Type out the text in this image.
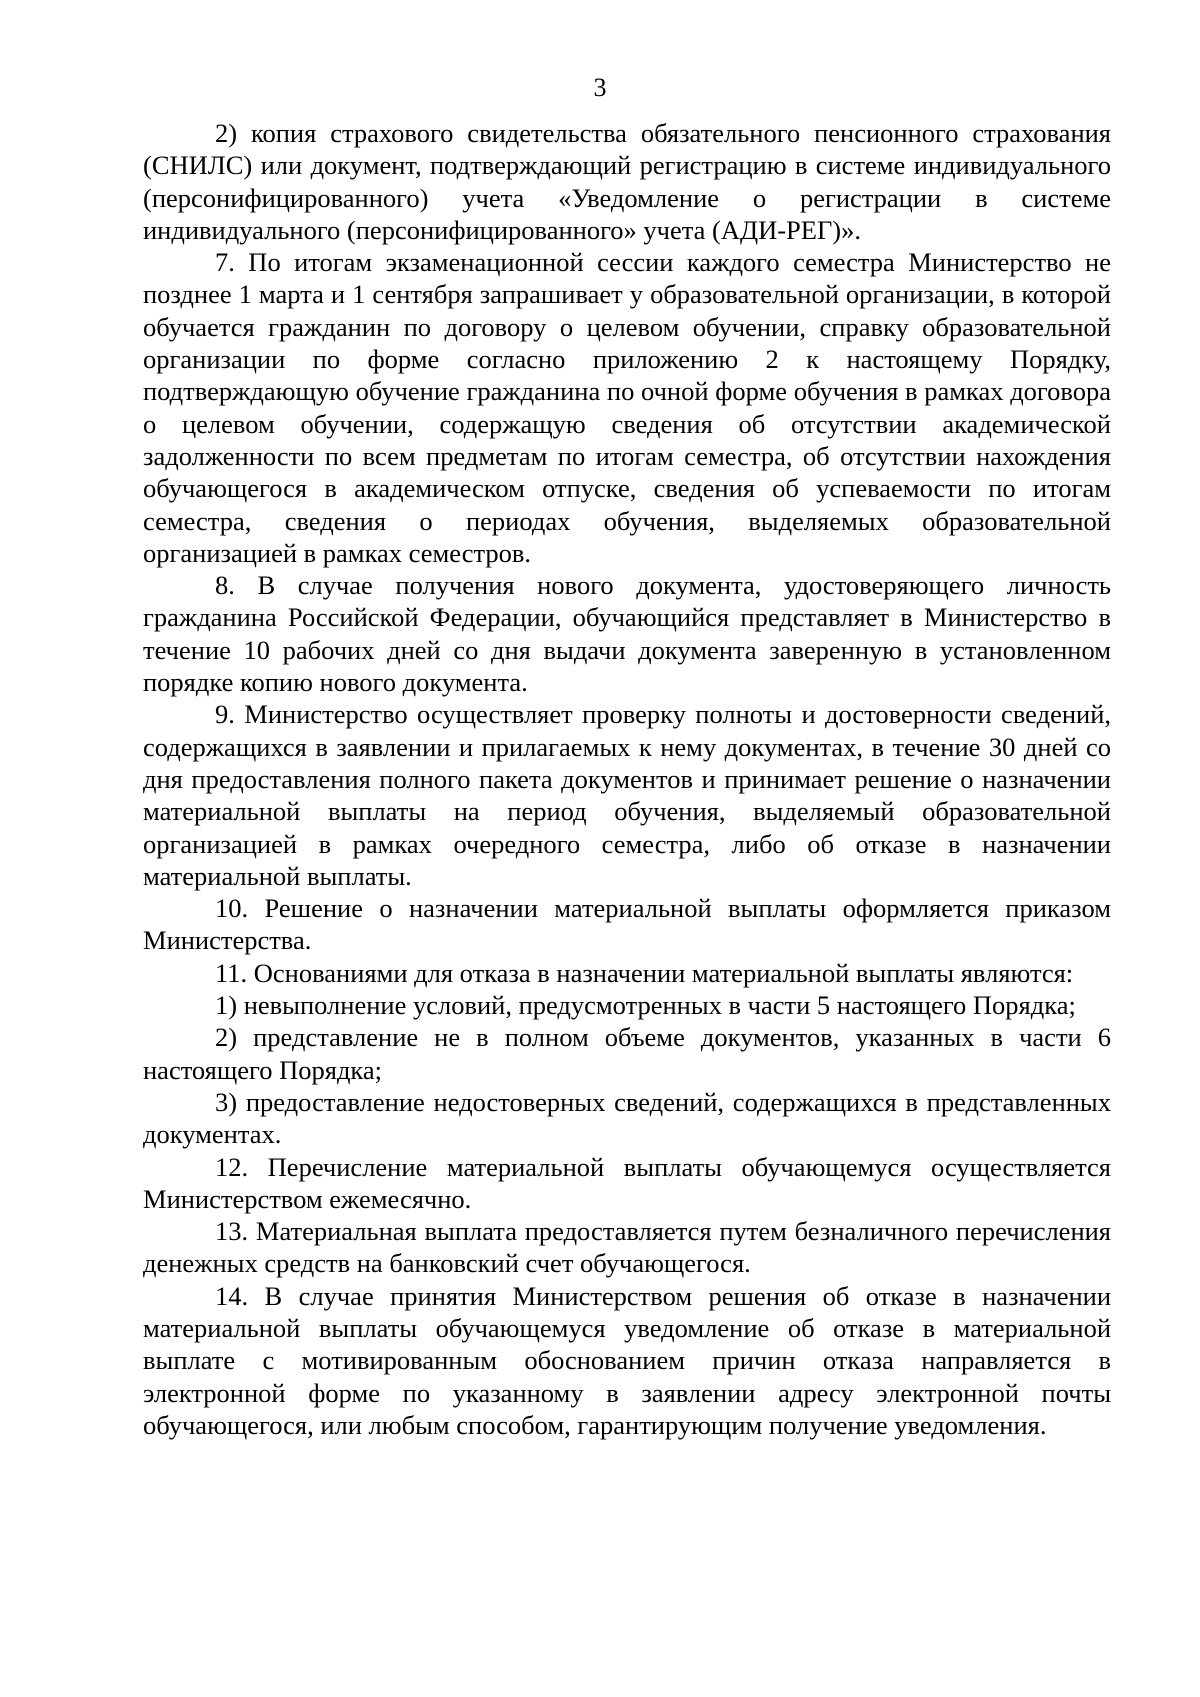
3

2) копия страхового свидетельства обязательного пенсионного страхования (СНИЛС) или документ, подтверждающий регистрацию в системе индивидуального (персонифицированного) учета «Уведомление о регистрации в системе индивидуального (персонифицированного» учета (АДИ-РЕГ)».

7. По итогам экзаменационной сессии каждого семестра Министерство не позднее 1 марта и 1 сентября запрашивает у образовательной организации, в которой обучается гражданин по договору о целевом обучении, справку образовательной организации по форме согласно приложению 2 к настоящему Порядку, подтверждающую обучение гражданина по очной форме обучения в рамках договора о целевом обучении, содержащую сведения об отсутствии академической задолженности по всем предметам по итогам семестра, об отсутствии нахождения обучающегося в академическом отпуске, сведения об успеваемости по итогам семестра, сведения о периодах обучения, выделяемых образовательной организацией в рамках семестров.

8. В случае получения нового документа, удостоверяющего личность гражданина Российской Федерации, обучающийся представляет в Министерство в течение 10 рабочих дней со дня выдачи документа заверенную в установленном порядке копию нового документа.

9. Министерство осуществляет проверку полноты и достоверности сведений, содержащихся в заявлении и прилагаемых к нему документах, в течение 30 дней со дня предоставления полного пакета документов и принимает решение о назначении материальной выплаты на период обучения, выделяемый образовательной организацией в рамках очередного семестра, либо об отказе в назначении материальной выплаты.

10. Решение о назначении материальной выплаты оформляется приказом Министерства.

11. Основаниями для отказа в назначении материальной выплаты являются:

1) невыполнение условий, предусмотренных в части 5 настоящего Порядка;

2) представление не в полном объеме документов, указанных в части 6 настоящего Порядка;

3) предоставление недостоверных сведений, содержащихся в представленных документах.

12. Перечисление материальной выплаты обучающемуся осуществляется Министерством ежемесячно.

13. Материальная выплата предоставляется путем безналичного перечисления денежных средств на банковский счет обучающегося.

14. В случае принятия Министерством решения об отказе в назначении материальной выплаты обучающемуся уведомление об отказе в материальной выплате с мотивированным обоснованием причин отказа направляется в электронной форме по указанному в заявлении адресу электронной почты обучающегося, или любым способом, гарантирующим получение уведомления.
